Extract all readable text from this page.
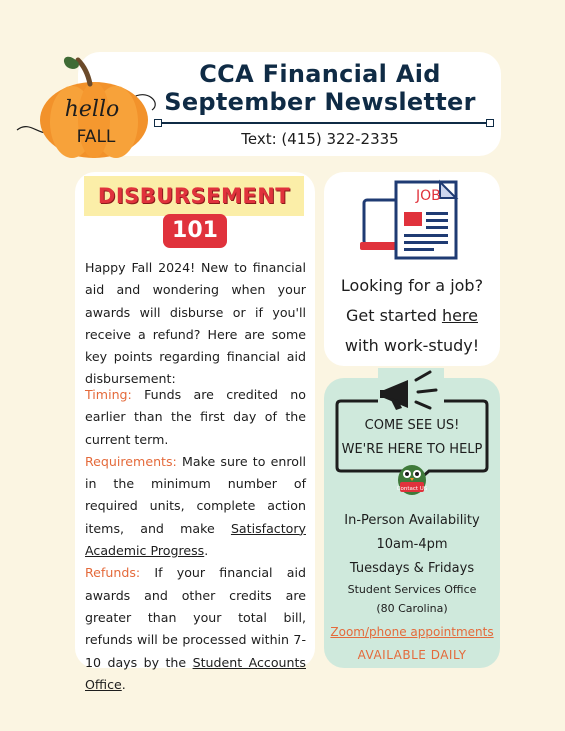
hello
FALL
CCA Financial Aid
September Newsletter
Text: (415) 322-2335
DISBURSEMENT
101
Happy Fall 2024! New to financial aid and wondering when your awards will disburse or if you'll receive a refund? Here are some key points regarding financial aid disbursement:
Timing: Funds are credited no earlier than the first day of the current term.
Requirements: Make sure to enroll in the minimum number of required units, complete action items, and make Satisfactory Academic Progress.
Refunds: If your financial aid awards and other credits are greater than your total bill, refunds will be processed within 7-10 days by the Student Accounts Office.
JOB
Looking for a job?
Get started here
with work-study!
COME SEE US!
WE'RE HERE TO HELP
Contact US
In-Person Availability
10am-4pm
Tuesdays & Fridays
Student Services Office
(80 Carolina)
Zoom/phone appointments
AVAILABLE DAILY
